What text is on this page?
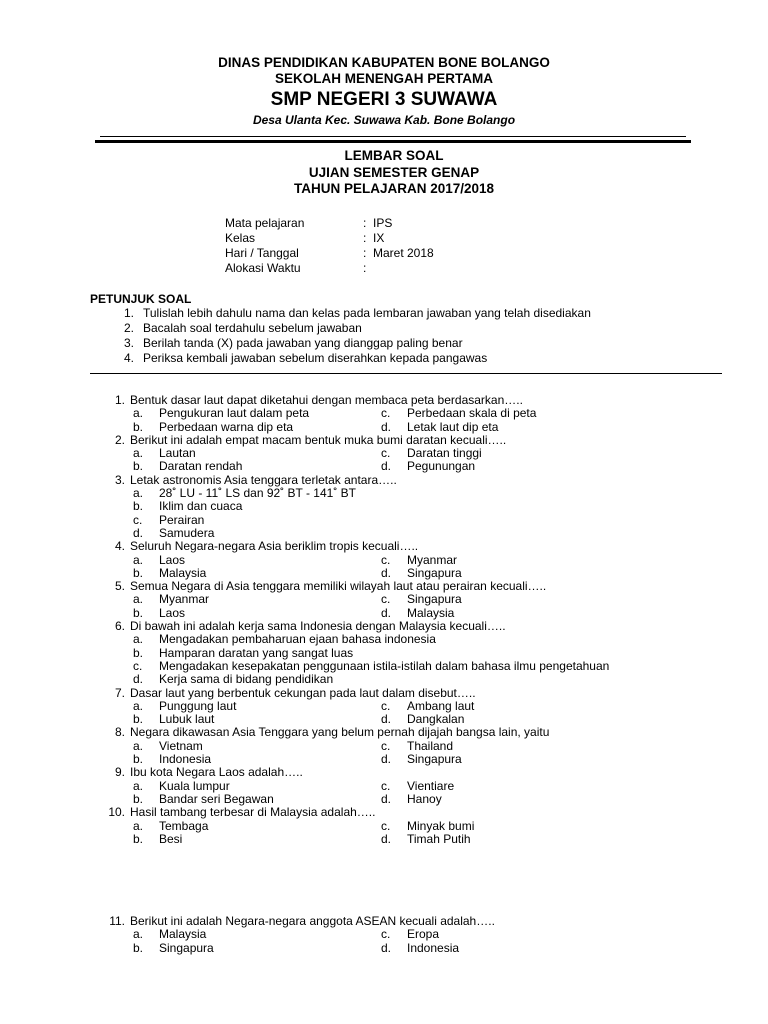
DINAS PENDIDIKAN KABUPATEN BONE BOLANGO
SEKOLAH MENENGAH PERTAMA
SMP NEGERI 3 SUWAWA
Desa Ulanta Kec. Suwawa Kab. Bone Bolango
LEMBAR SOAL
UJIAN SEMESTER GENAP
TAHUN PELAJARAN 2017/2018
Mata pelajaran	: IPS
Kelas	: IX
Hari / Tanggal	: Maret 2018
Alokasi Waktu	:
PETUNJUK SOAL
1. Tulislah lebih dahulu nama dan kelas pada lembaran jawaban yang telah disediakan
2. Bacalah soal terdahulu sebelum jawaban
3. Berilah tanda (X) pada jawaban yang dianggap paling benar
4. Periksa kembali jawaban sebelum diserahkan kepada pangawas
1. Bentuk dasar laut dapat diketahui dengan membaca peta berdasarkan…..
a.	Pengukuran laut dalam peta	c.	Perbedaan skala di peta
b.	Perbedaan warna dip eta	d.	Letak laut dip eta
2. Berikut ini adalah empat macam bentuk muka bumi daratan kecuali…..
a.	Lautan	c.	Daratan tinggi
b.	Daratan rendah	d.	Pegunungan
3. Letak astronomis Asia tenggara terletak antara…..
a.	28˚ LU - 11˚ LS dan 92˚ BT - 141˚ BT
b.	Iklim dan cuaca
c.	Perairan
d.	Samudera
4. Seluruh Negara-negara Asia beriklim tropis kecuali…..
a.	Laos	c.	Myanmar
b.	Malaysia	d.	Singapura
5. Semua Negara di Asia tenggara memiliki wilayah laut atau perairan kecuali…..
a.	Myanmar	c.	Singapura
b.	Laos	d.	Malaysia
6. Di bawah ini adalah kerja sama Indonesia dengan Malaysia kecuali…..
a.	Mengadakan pembaharuan ejaan bahasa indonesia
b.	Hamparan daratan yang sangat luas
c.	Mengadakan kesepakatan penggunaan istila-istilah dalam bahasa ilmu pengetahuan
d.	Kerja sama di bidang pendidikan
7. Dasar laut yang berbentuk cekungan pada laut dalam disebut…..
a.	Punggung laut	c.	Ambang laut
b.	Lubuk laut	d.	Dangkalan
8. Negara dikawasan Asia Tenggara yang belum pernah dijajah bangsa lain, yaitu
a.	Vietnam	c.	Thailand
b.	Indonesia	d.	Singapura
9. Ibu kota Negara Laos adalah…..
a.	Kuala lumpur	c.	Vientiare
b.	Bandar seri Begawan	d.	Hanoy
10. Hasil tambang terbesar di Malaysia adalah…..
a.	Tembaga	c.	Minyak bumi
b.	Besi	d.	Timah Putih
11. Berikut ini adalah Negara-negara anggota ASEAN kecuali adalah…..
a.	Malaysia	c.	Eropa
b.	Singapura	d.	Indonesia
